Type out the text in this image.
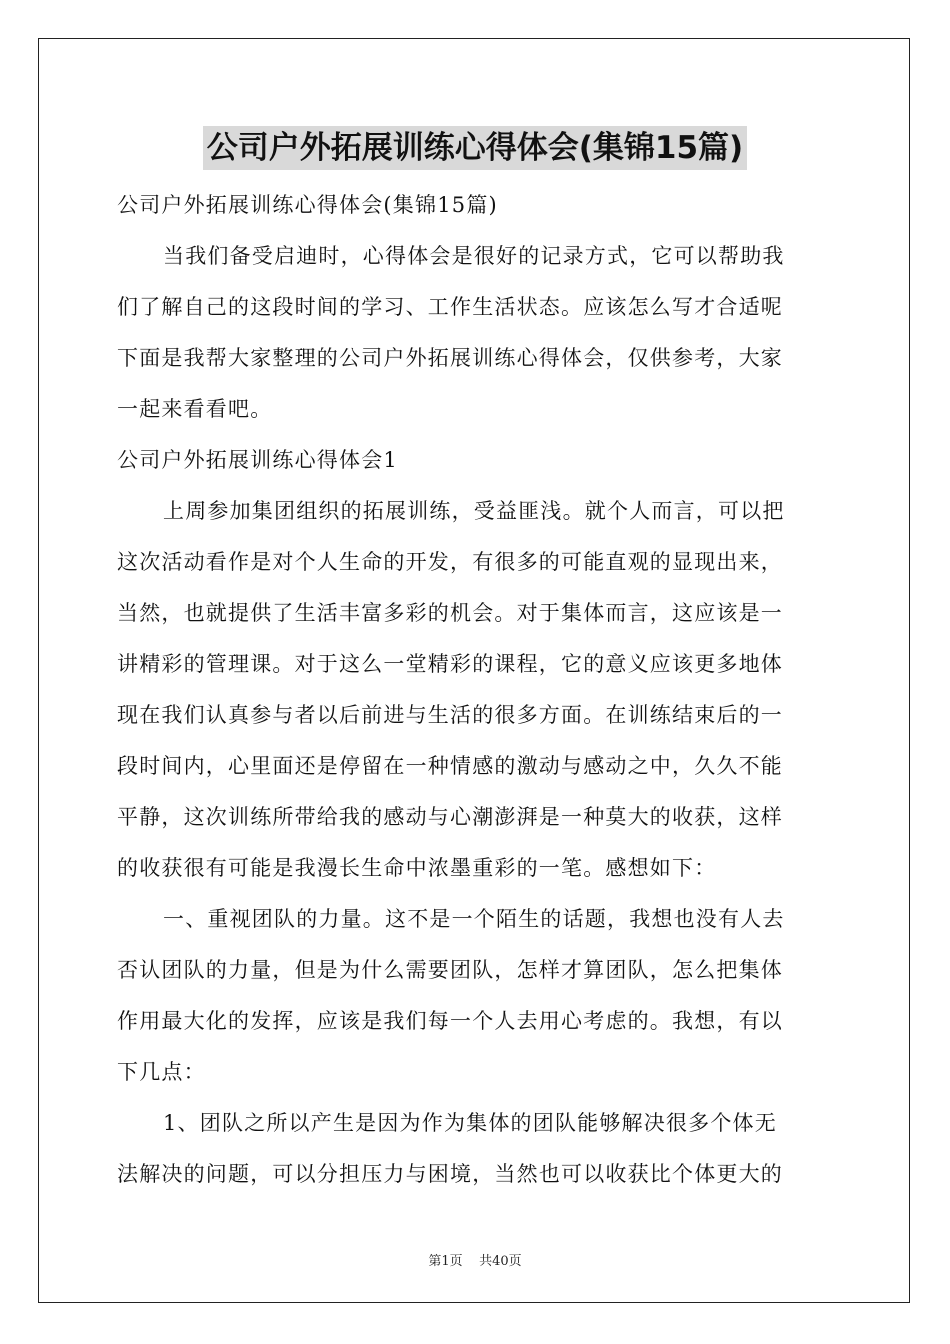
公司户外拓展训练心得体会(集锦15篇)
公司户外拓展训练心得体会(集锦15篇)
当我们备受启迪时，心得体会是很好的记录方式，它可以帮助我
们了解自己的这段时间的学习、工作生活状态。应该怎么写才合适呢
下面是我帮大家整理的公司户外拓展训练心得体会，仅供参考，大家
一起来看看吧。
公司户外拓展训练心得体会1
上周参加集团组织的拓展训练，受益匪浅。就个人而言，可以把
这次活动看作是对个人生命的开发，有很多的可能直观的显现出来，
当然，也就提供了生活丰富多彩的机会。对于集体而言，这应该是一
讲精彩的管理课。对于这么一堂精彩的课程，它的意义应该更多地体
现在我们认真参与者以后前进与生活的很多方面。在训练结束后的一
段时间内，心里面还是停留在一种情感的激动与感动之中，久久不能
平静，这次训练所带给我的感动与心潮澎湃是一种莫大的收获，这样
的收获很有可能是我漫长生命中浓墨重彩的一笔。感想如下：
一、重视团队的力量。这不是一个陌生的话题，我想也没有人去
否认团队的力量，但是为什么需要团队，怎样才算团队，怎么把集体
作用最大化的发挥，应该是我们每一个人去用心考虑的。我想，有以
下几点：
1、团队之所以产生是因为作为集体的团队能够解决很多个体无
法解决的问题，可以分担压力与困境，当然也可以收获比个体更大的
第1页 共40页
